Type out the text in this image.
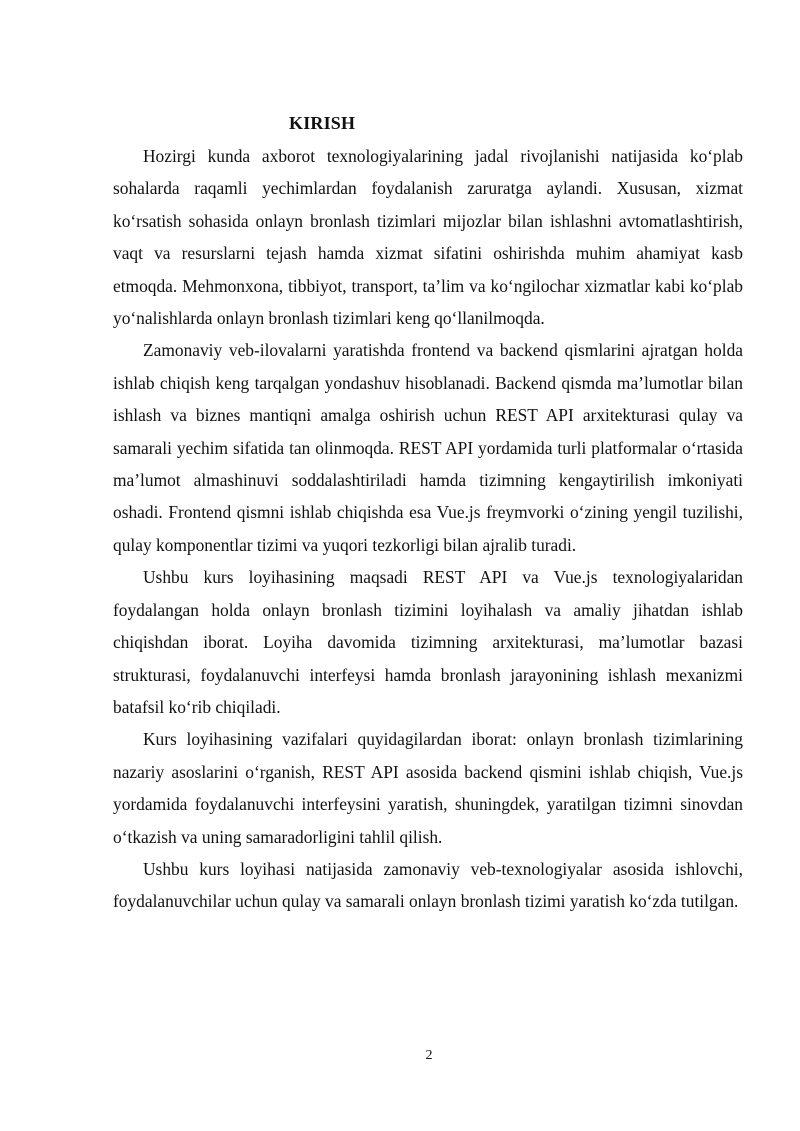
KIRISH

Hozirgi kunda axborot texnologiyalarining jadal rivojlanishi natijasida ko‘plab sohalarda raqamli yechimlardan foydalanish zaruratga aylandi. Xususan, xizmat ko‘rsatish sohasida onlayn bronlash tizimlari mijozlar bilan ishlashni avtomatlashtirish, vaqt va resurslarni tejash hamda xizmat sifatini oshirishda muhim ahamiyat kasb etmoqda. Mehmonxona, tibbiyot, transport, ta’lim va ko‘ngilochar xizmatlar kabi ko‘plab yo‘nalishlarda onlayn bronlash tizimlari keng qo‘llanilmoqda.

Zamonaviy veb-ilovalarni yaratishda frontend va backend qismlarini ajratgan holda ishlab chiqish keng tarqalgan yondashuv hisoblanadi. Backend qismda ma’lumotlar bilan ishlash va biznes mantiqni amalga oshirish uchun REST API arxitekturasi qulay va samarali yechim sifatida tan olinmoqda. REST API yordamida turli platformalar o‘rtasida ma’lumot almashinuvi soddalashtiriladi hamda tizimning kengaytirilish imkoniyati oshadi. Frontend qismni ishlab chiqishda esa Vue.js freymvorki o‘zining yengil tuzilishi, qulay komponentlar tizimi va yuqori tezkorligi bilan ajralib turadi.

Ushbu kurs loyihasining maqsadi REST API va Vue.js texnologiyalaridan foydalangan holda onlayn bronlash tizimini loyihalash va amaliy jihatdan ishlab chiqishdan iborat. Loyiha davomida tizimning arxitekturasi, ma’lumotlar bazasi strukturasi, foydalanuvchi interfeysi hamda bronlash jarayonining ishlash mexanizmi batafsil ko‘rib chiqiladi.

Kurs loyihasining vazifalari quyidagilardan iborat: onlayn bronlash tizimlarining nazariy asoslarini o‘rganish, REST API asosida backend qismini ishlab chiqish, Vue.js yordamida foydalanuvchi interfeysini yaratish, shuningdek, yaratilgan tizimni sinovdan o‘tkazish va uning samaradorligini tahlil qilish.

Ushbu kurs loyihasi natijasida zamonaviy veb-texnologiyalar asosida ishlovchi, foydalanuvchilar uchun qulay va samarali onlayn bronlash tizimi yaratish ko‘zda tutilgan.

2
